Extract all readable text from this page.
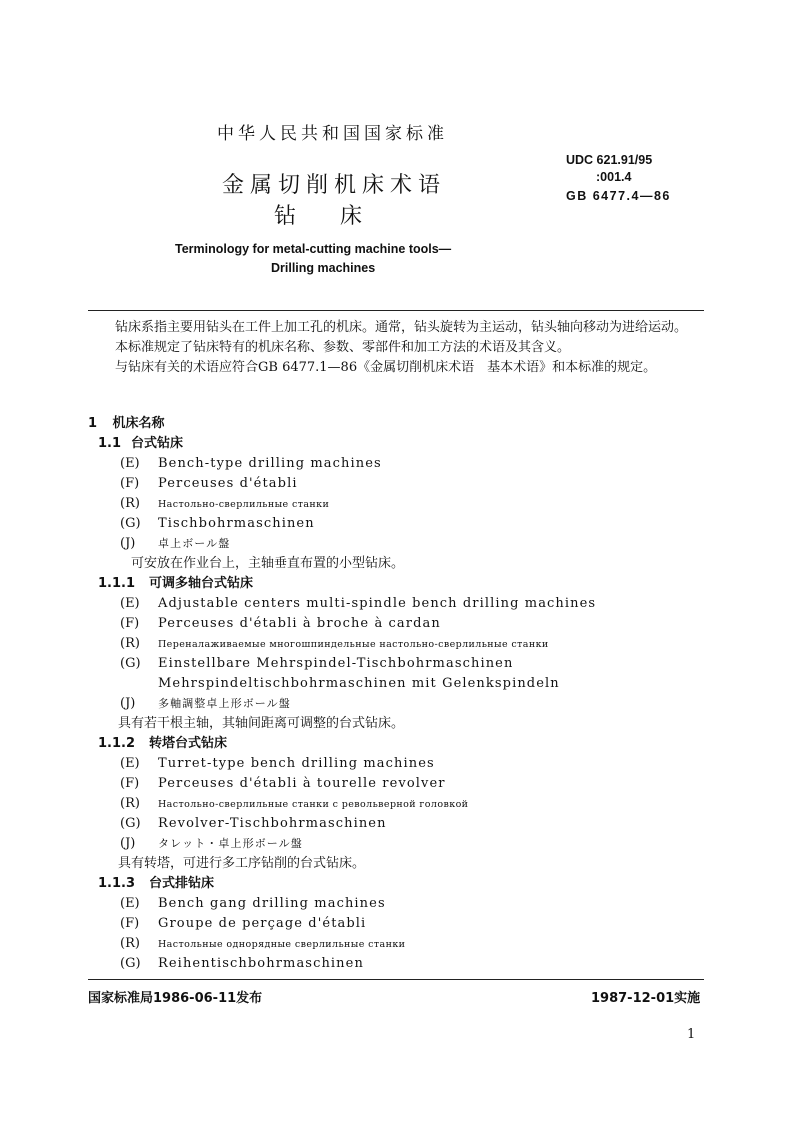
中华人民共和国国家标准
金属切削机床术语
钻床
UDC 621.91/95
:001.4
GB 6477.4—86
Terminology for metal-cutting machine tools—
Drilling machines

钻床系指主要用钻头在工件上加工孔的机床。通常，钻头旋转为主运动，钻头轴向移动为进给运动。

本标准规定了钻床特有的机床名称、参数、零部件和加工方法的术语及其含义。

与钻床有关的术语应符合GB 6477.1—86《金属切削机床术语　基本术语》和本标准的规定。

1 机床名称
1.1 台式钻床
(E) Bench-type drilling machines
(F) Perceuses d'établi
(R) Настольно-сверлильные станки
(G) Tischbohrmaschinen
(J) 卓上ボール盤
可安放在作业台上，主轴垂直布置的小型钻床。
1.1.1 可调多轴台式钻床
(E) Adjustable centers multi-spindle bench drilling machines
(F) Perceuses d'établi à broche à cardan
(R) Переналаживаемые многошпиндельные настольно-сверлильные станки
(G) Einstellbare Mehrspindel-Tischbohrmaschinen
Mehrspindeltischbohrmaschinen mit Gelenkspindeln
(J) 多軸調整卓上形ボール盤
具有若干根主轴，其轴间距离可调整的台式钻床。
1.1.2 转塔台式钻床
(E) Turret-type bench drilling machines
(F) Perceuses d'établi à tourelle revolver
(R) Настольно-сверлильные станки с револьверной головкой
(G) Revolver-Tischbohrmaschinen
(J) タレット・卓上形ボール盤
具有转塔，可进行多工序钻削的台式钻床。
1.1.3 台式排钻床
(E) Bench gang drilling machines
(F) Groupe de perçage d'établi
(R) Настольные однорядные сверлильные станки
(G) Reihentischbohrmaschinen
国家标准局1986-06-11发布	1987-12-01实施
1
